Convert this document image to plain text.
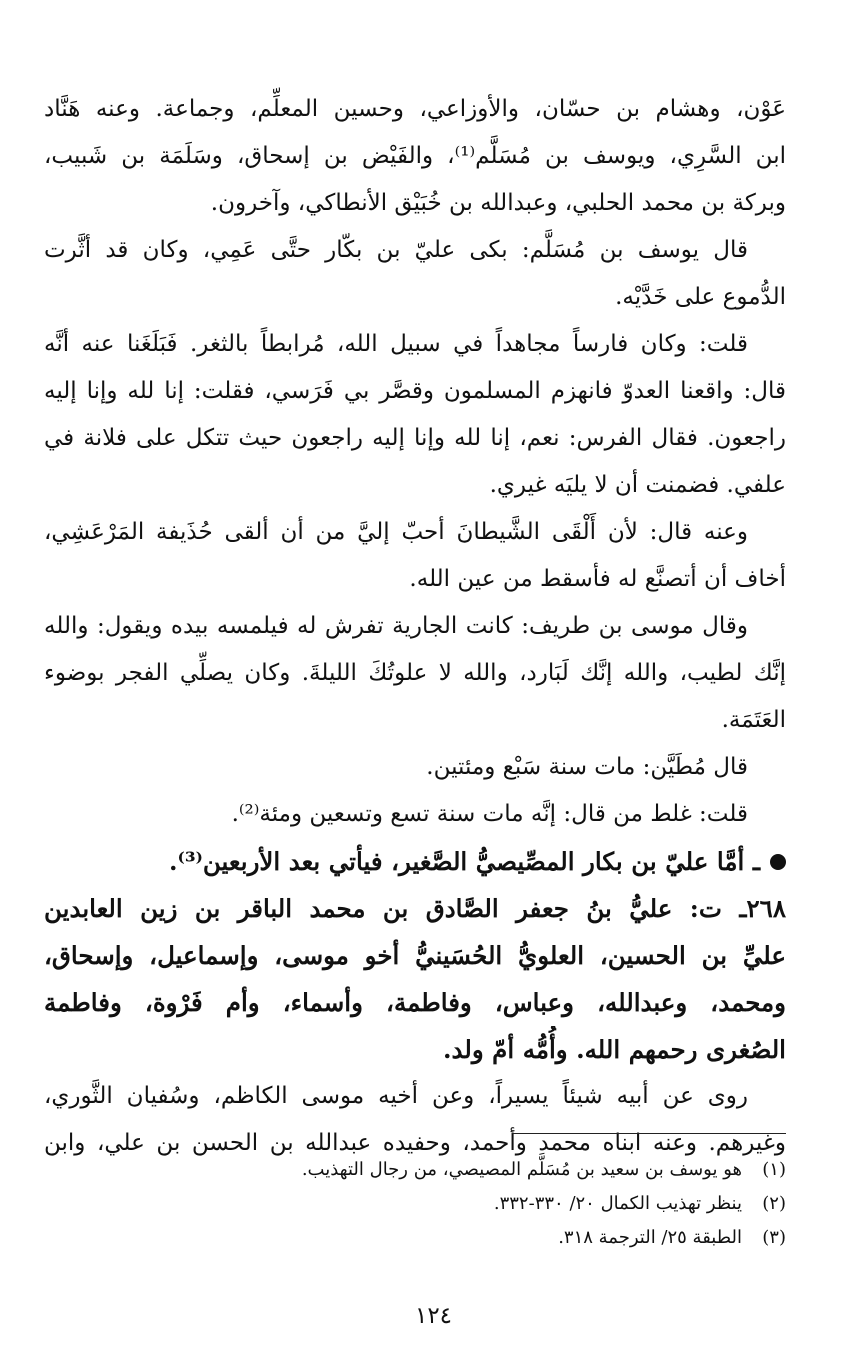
عَوْن، وهشام بن حسّان، والأوزاعي، وحسين المعلِّم، وجماعة. وعنه هَنَّاد
ابن السَّرِي، ويوسف بن مُسَلَّم⁽¹⁾، والفَيْض بن إسحاق، وسَلَمَة بن شَبيب،
وبركة بن محمد الحلبي، وعبدالله بن خُبَيْق الأنطاكي، وآخرون.
قال يوسف بن مُسَلَّم: بكى عليّ بن بكّار حتَّى عَمِي، وكان قد أثَّرت
الدُّموع على خَدَّيْه.
قلت: وكان فارساً مجاهداً في سبيل الله، مُرابطاً بالثغر. فَبَلَغَنا عنه أنَّه
قال: واقعنا العدوّ فانهزم المسلمون وقصَّر بي فَرَسي، فقلت: إنا لله وإنا إليه
راجعون. فقال الفرس: نعم، إنا لله وإنا إليه راجعون حيث تتكل على فلانة في
علفي. فضمنت أن لا يليَه غيري.
وعنه قال: لأن أَلْقَى الشَّيطانَ أحبّ إليَّ من أن ألقى حُذَيفة المَرْعَشِي،
أخاف أن أتصنَّع له فأسقط من عين الله.
وقال موسى بن طريف: كانت الجارية تفرش له فيلمسه بيده ويقول: والله
إنَّك لطيب، والله إنَّك لَبَارد، والله لا علوتُكَ الليلةَ. وكان يصلِّي الفجر بوضوء
العَتَمَة.
قال مُطَيَّن: مات سنة سَبْع ومئتين.
قلت: غلط من قال: إنَّه مات سنة تسع وتسعين ومئة⁽²⁾.
ـ أمَّا عليّ بن بكار المصِّيصيُّ الصَّغير، فيأتي بعد الأربعين⁽³⁾.
٢٦٨ـ ت: عليُّ بنُ جعفر الصَّادق بن محمد الباقر بن زين العابدين
عليِّ بن الحسين، العلويُّ الحُسَينيُّ أخو موسى، وإسماعيل، وإسحاق،
ومحمد، وعبدالله، وعباس، وفاطمة، وأسماء، وأم فَرْوة، وفاطمة
الصُغرى رحمهم الله. وأُمُّه أمّ ولد.
روى عن أبيه شيئاً يسيراً، وعن أخيه موسى الكاظم، وسُفيان الثَّوري،
وغيرهم. وعنه ابناه محمد وأحمد، وحفيده عبدالله بن الحسن بن علي، وابن
(١)هو يوسف بن سعيد بن مُسَلَّم المصيصي، من رجال التهذيب.
(٢)ينظر تهذيب الكمال ٢٠/ ٣٣٠-٣٣٢.
(٣)الطبقة ٢٥/ الترجمة ٣١٨.
١٢٤
